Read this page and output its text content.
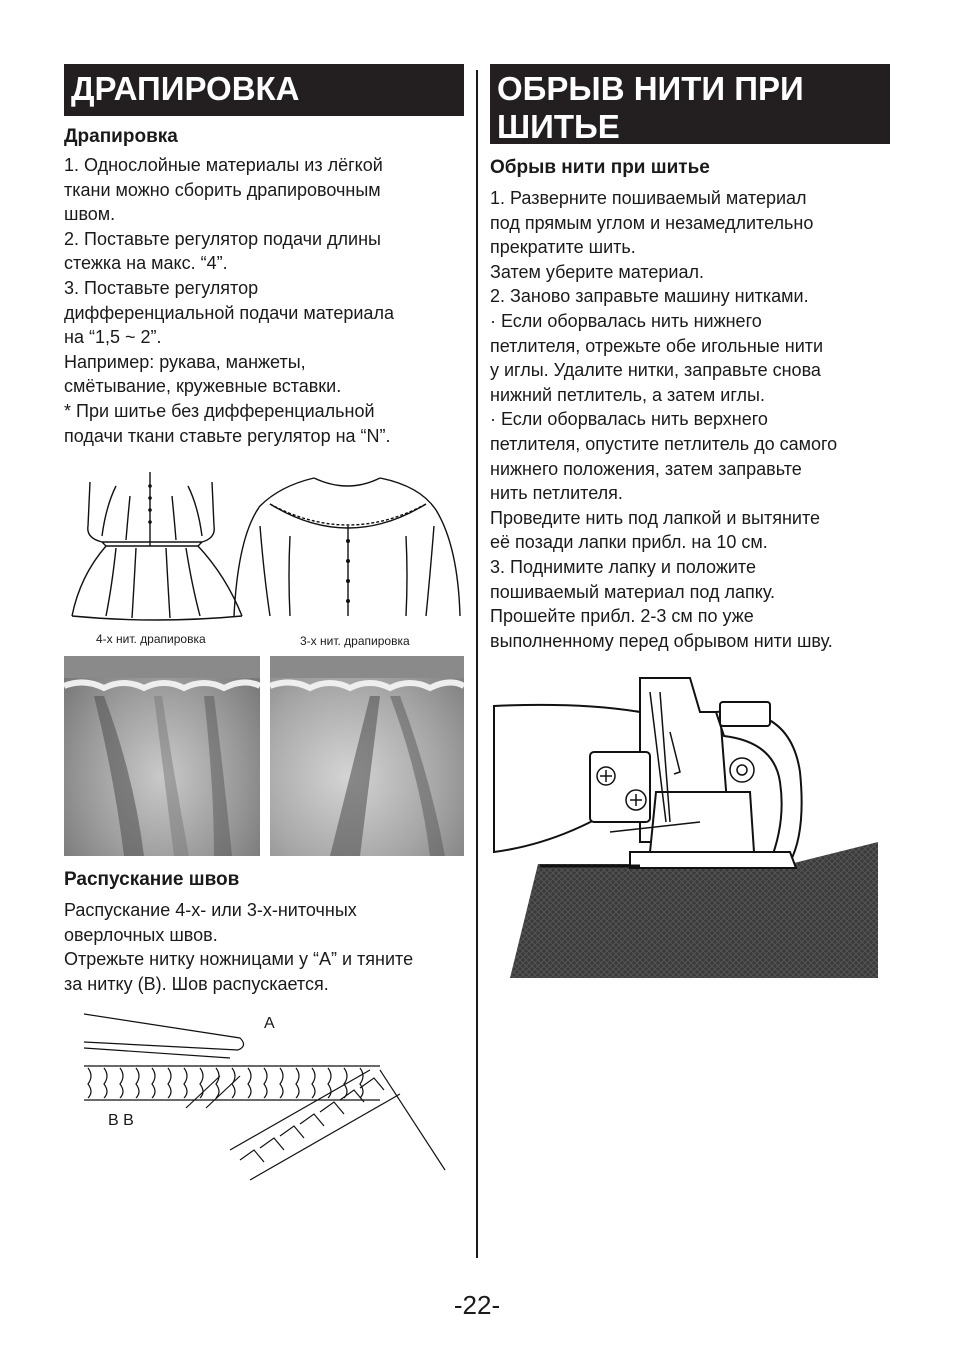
ДРАПИРОВКА
Драпировка
1. Однослойные материалы из лёгкой
ткани можно сборить драпировочным
швом.
2. Поставьте регулятор подачи длины
стежка на макс. “4”.
3. Поставьте регулятор
дифференциальной подачи материала
на “1,5 ~ 2”.
Например: рукава, манжеты,
смётывание, кружевные вставки.
* При шитье без дифференциальной
подачи ткани ставьте регулятор на “N”.
4-х нит. драпировка	3-х нит. драпировка
Распускание швов
Распускание 4-х- или 3-х-ниточных
оверлочных швов.
Отрежьте нитку ножницами у “A” и тяните
за нитку (B). Шов распускается.
A
B B
ОБРЫВ НИТИ ПРИ
ШИТЬЕ
Обрыв нити при шитье
1. Разверните пошиваемый материал
под прямым углом и незамедлительно
прекратите шить.
Затем уберите материал.
2. Заново заправьте машину нитками.
· Если оборвалась нить нижнего
петлителя, отрежьте обе игольные нити
у иглы. Удалите нитки, заправьте снова
нижний петлитель, а затем иглы.
· Если оборвалась нить верхнего
петлителя, опустите петлитель до самого
нижнего положения, затем заправьте
нить петлителя.
Проведите нить под лапкой и вытяните
её позади лапки прибл. на 10 см.
3. Поднимите лапку и положите
пошиваемый материал под лапку.
Прошейте прибл. 2-3 см по уже
выполненному перед обрывом нити шву.
-22-
